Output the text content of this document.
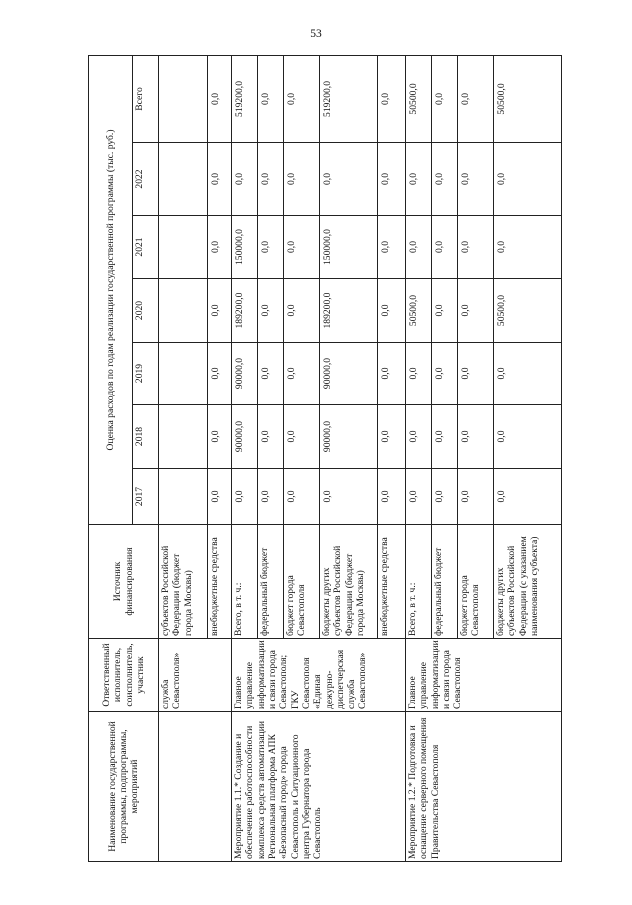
53
Наименование государственной программы, подпрограммы, мероприятий	Ответственный исполнитель, соисполнитель, участник	Источник финансирования	Оценка расходов по годам реализации государственной программы (тыс. руб.)						
			2017	2018	2019	2020	2021	2022	Всего
	служба Севастополя»	субъектов Российской Федерации (бюджет города Москвы)							
		внебюджетные средства	0,0	0,0	0,0	0,0	0,0	0,0	0,0
Мероприятие 1.1.* Создание и обеспечение работоспособности комплекса средств автоматизации Региональная платформа АПК «Безопасный город» города Севастополь и Ситуационного центра Губернатора города Севастополь	Главное управление информатизации и связи города Севастополя; ГКУ Севастополя «Единая дежурно-диспетчерская служба Севастополя»	Всего, в т. ч.:	0,0	90000,0	90000,0	189200,0	150000,0	0,0	519200,0
		федеральный бюджет	0,0	0,0	0,0	0,0	0,0	0,0	0,0
		бюджет города Севастополя	0,0	0,0	0,0	0,0	0,0	0,0	0,0
		бюджеты других субъектов Российской Федерации (бюджет города Москвы)	0,0	90000,0	90000,0	189200,0	150000,0	0,0	519200,0
		внебюджетные средства	0,0	0,0	0,0	0,0	0,0	0,0	0,0
Мероприятие 1.2.* Подготовка и оснащение серверного помещения Правительства Севастополя	Главное управление информатизации и связи города Севастополя	Всего, в т. ч.:	0,0	0,0	0,0	50500,0	0,0	0,0	50500,0
		федеральный бюджет	0,0	0,0	0,0	0,0	0,0	0,0	0,0
		бюджет города Севастополя	0,0	0,0	0,0	0,0	0,0	0,0	0,0
		бюджеты других субъектов Российской Федерации (с указанием наименования субъекта)	0,0	0,0	0,0	50500,0	0,0	0,0	50500,0
